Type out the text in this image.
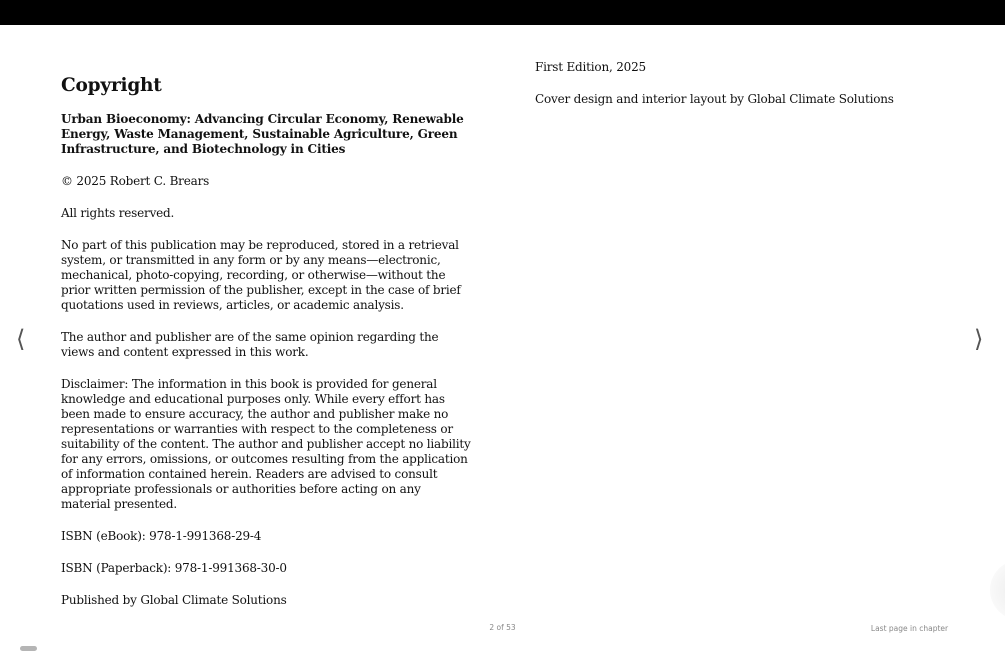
Copyright
Urban Bioeconomy: Advancing Circular Economy, Renewable Energy, Waste Management, Sustainable Agriculture, Green Infrastructure, and Biotechnology in Cities
© 2025 Robert C. Brears
All rights reserved.
No part of this publication may be reproduced, stored in a retrieval system, or transmitted in any form or by any means—electronic, mechanical, photo-copying, recording, or otherwise—without the prior written permission of the publisher, except in the case of brief quotations used in reviews, articles, or academic analysis.
The author and publisher are of the same opinion regarding the views and content expressed in this work.
Disclaimer: The information in this book is provided for general knowledge and educational purposes only. While every effort has been made to ensure accuracy, the author and publisher make no representations or warranties with respect to the completeness or suitability of the content. The author and publisher accept no liability for any errors, omissions, or outcomes resulting from the application of information contained herein. Readers are advised to consult appropriate professionals or authorities before acting on any material presented.
ISBN (eBook): 978-1-991368-29-4
ISBN (Paperback): 978-1-991368-30-0
Published by Global Climate Solutions
First Edition, 2025
Cover design and interior layout by Global Climate Solutions
⟨	⟩
2 of 53	Last page in chapter
